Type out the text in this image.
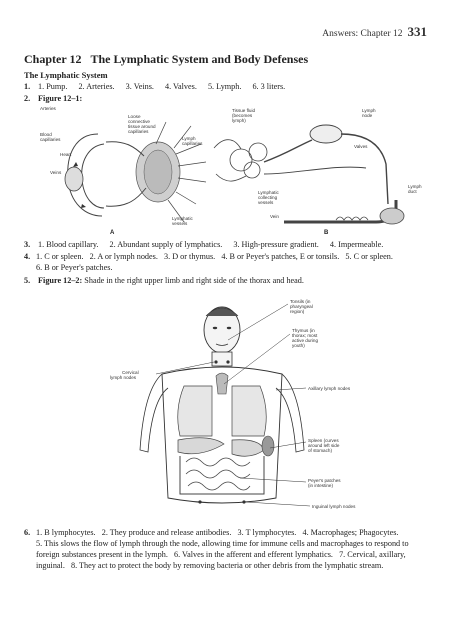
Answers: Chapter 12 331
Chapter 12 The Lymphatic System and Body Defenses
The Lymphatic System
1. 1. Pump. 2. Arteries. 3. Veins. 4. Valves. 5. Lymph. 6. 3 liters.
2. Figure 12–1:
Arteries
Loose
connective
tissue around
capillaries
Blood
capillaries
Heart
Veins
Lymph
capillaries
Tissue fluid
(becomes
lymph)
Lymph
node
Valves
Lymphatic
collecting
vessels
Lymphatic
vessels
Vein
Lymph
duct
A	B
3. 1. Blood capillary. 2. Abundant supply of lymphatics. 3. High-pressure gradient. 4. Impermeable.
4. 1. C or spleen.   2. A or lymph nodes.   3. D or thymus.   4. B or Peyer's patches, E or tonsils.   5. C or spleen.
6. B or Peyer's patches.
5. Figure 12–2: Shade in the right upper limb and right side of the thorax and head.
Tonsils (in
pharyngeal
region)
Thymus (in
thorax; most
active during
youth)
Cervical
lymph nodes
Axillary lymph nodes
Spleen (curves
around left side
of stomach)
Peyer's patches
(in intestine)
Inguinal lymph nodes
6. 1. B lymphocytes.   2. They produce and release antibodies.   3. T lymphocytes.   4. Macrophages; Phagocytes.
5. This slows the flow of lymph through the node, allowing time for immune cells and macrophages to respond to
foreign substances present in the lymph.   6. Valves in the afferent and efferent lymphatics.   7. Cervical, axillary,
inguinal.   8. They act to protect the body by removing bacteria or other debris from the lymphatic stream.
